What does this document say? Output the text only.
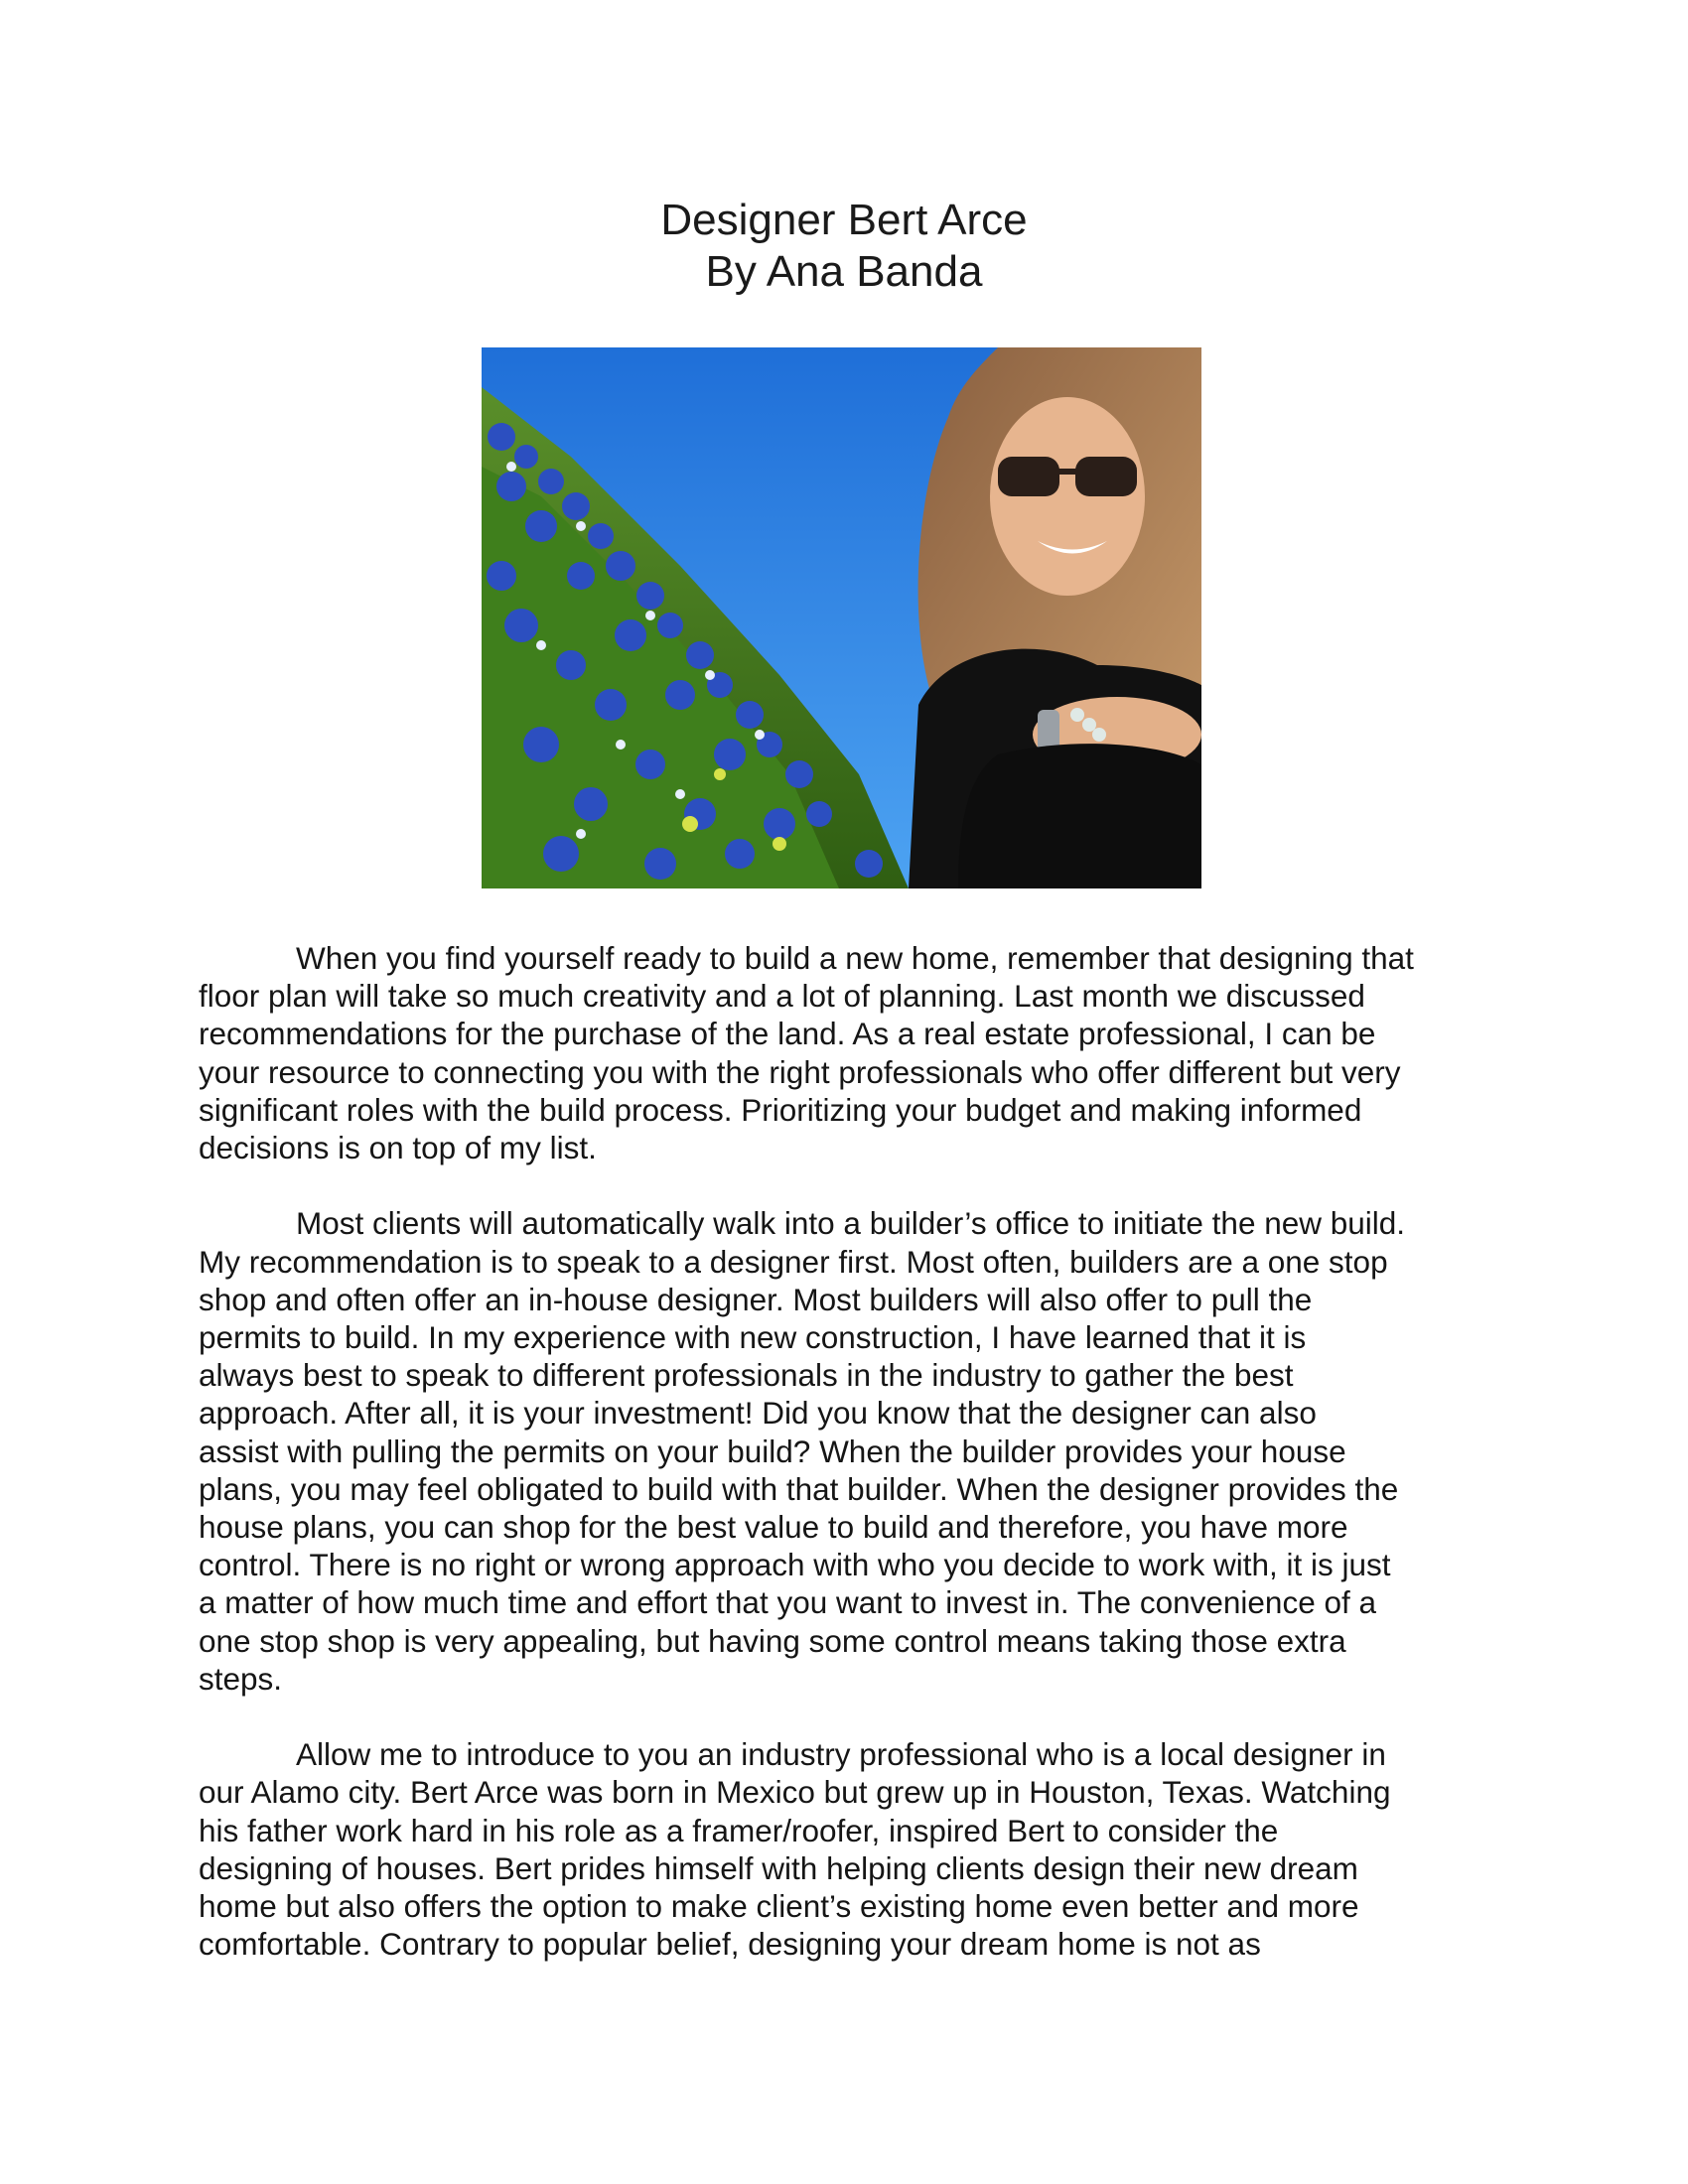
Designer Bert Arce
By Ana Banda

When you find yourself ready to build a new home, remember that designing that
floor plan will take so much creativity and a lot of planning. Last month we discussed
recommendations for the purchase of the land. As a real estate professional, I can be
your resource to connecting you with the right professionals who offer different but very
significant roles with the build process. Prioritizing your budget and making informed
decisions is on top of my list.

Most clients will automatically walk into a builder’s office to initiate the new build.
My recommendation is to speak to a designer first. Most often, builders are a one stop
shop and often offer an in-house designer. Most builders will also offer to pull the
permits to build. In my experience with new construction, I have learned that it is
always best to speak to different professionals in the industry to gather the best
approach. After all, it is your investment! Did you know that the designer can also
assist with pulling the permits on your build? When the builder provides your house
plans, you may feel obligated to build with that builder. When the designer provides the
house plans, you can shop for the best value to build and therefore, you have more
control. There is no right or wrong approach with who you decide to work with, it is just
a matter of how much time and effort that you want to invest in. The convenience of a
one stop shop is very appealing, but having some control means taking those extra
steps.

Allow me to introduce to you an industry professional who is a local designer in
our Alamo city. Bert Arce was born in Mexico but grew up in Houston, Texas. Watching
his father work hard in his role as a framer/roofer, inspired Bert to consider the
designing of houses. Bert prides himself with helping clients design their new dream
home but also offers the option to make client’s existing home even better and more
comfortable. Contrary to popular belief, designing your dream home is not as
